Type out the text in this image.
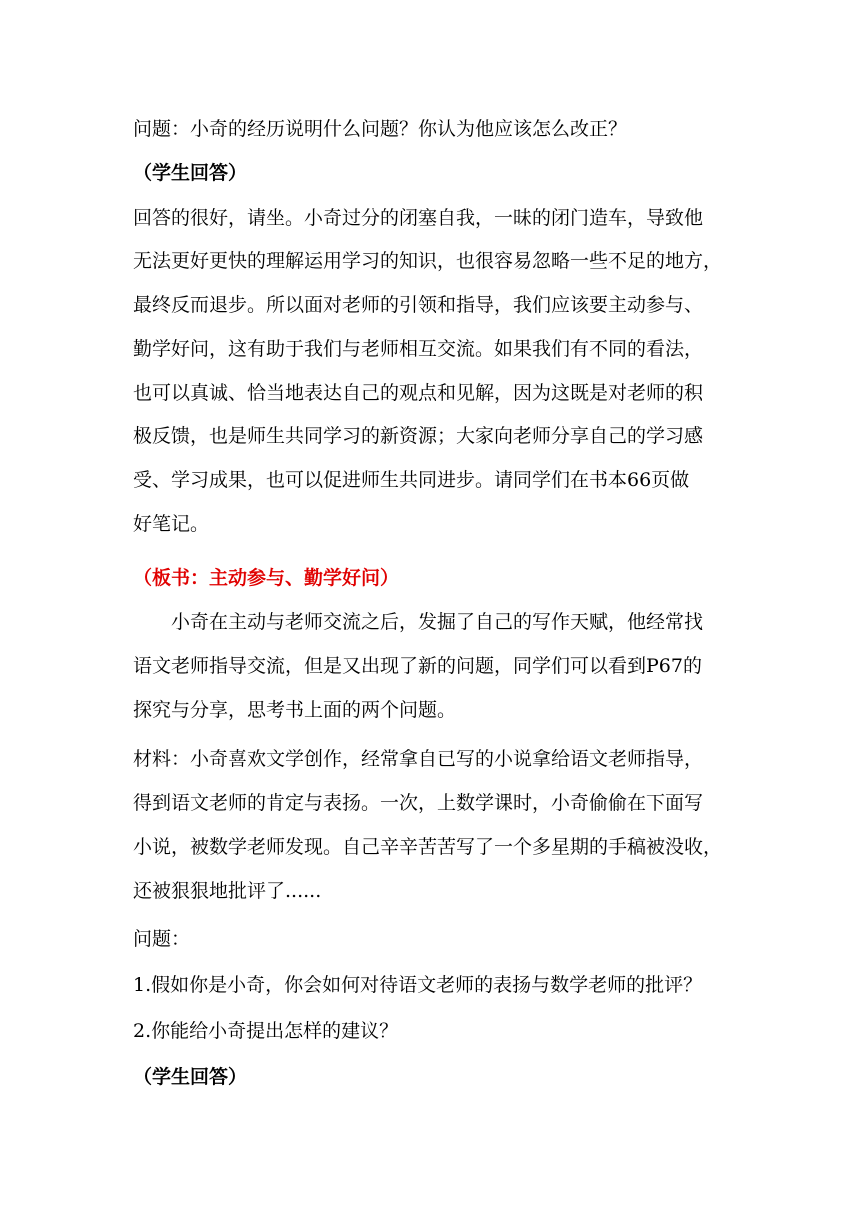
问题：小奇的经历说明什么问题？你认为他应该怎么改正？
（学生回答）
回答的很好，请坐。小奇过分的闭塞自我，一昧的闭门造车，导致他
无法更好更快的理解运用学习的知识，也很容易忽略一些不足的地方，
最终反而退步。所以面对老师的引领和指导，我们应该要主动参与、
勤学好问，这有助于我们与老师相互交流。如果我们有不同的看法，
也可以真诚、恰当地表达自己的观点和见解，因为这既是对老师的积
极反馈，也是师生共同学习的新资源；大家向老师分享自己的学习感
受、学习成果，也可以促进师生共同进步。请同学们在书本66页做
好笔记。
（板书：主动参与、勤学好问）
小奇在主动与老师交流之后，发掘了自己的写作天赋，他经常找
语文老师指导交流，但是又出现了新的问题，同学们可以看到P67的
探究与分享，思考书上面的两个问题。
材料：小奇喜欢文学创作，经常拿自已写的小说拿给语文老师指导，
得到语文老师的肯定与表扬。一次，上数学课时，小奇偷偷在下面写
小说，被数学老师发现。自己辛辛苦苦写了一个多星期的手稿被没收，
还被狠狠地批评了......
问题：
1.假如你是小奇，你会如何对待语文老师的表扬与数学老师的批评？
2.你能给小奇提出怎样的建议？
（学生回答）
